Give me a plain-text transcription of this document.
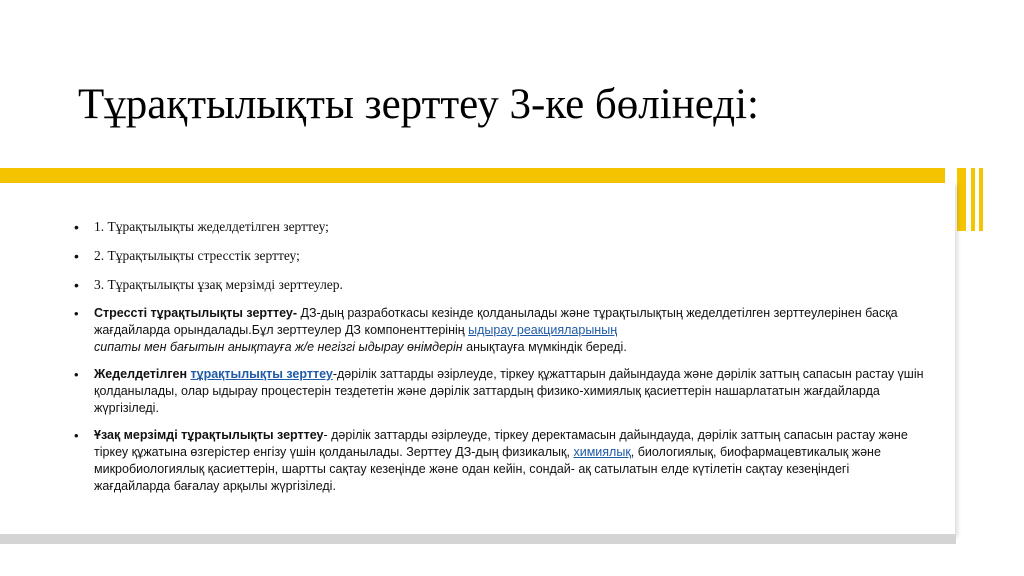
Тұрақтылықты зерттеу 3-ке бөлінеді:
• 1. Тұрақтылықты жеделдетілген зерттеу;
• 2. Тұрақтылықты стресстік зерттеу;
• 3. Тұрақтылықты ұзақ мерзімді зерттеулер.
• Стрессті тұрақтылықты зерттеу- ДЗ-дың разработкасы кезінде қолданылады және тұрақтылықтың жеделдетілген зерттеулерінен басқа жағдайларда орындалады.Бұл зерттеулер ДЗ компоненттерінің ыдырау реакцияларының
сипаты мен бағытын анықтауға ж/е негізгі ыдырау өнімдерін анықтауға мүмкіндік береді.
• Жеделдетілген тұрақтылықты зерттеу-дәрілік заттарды әзірлеуде, тіркеу құжаттарын дайындауда және дәрілік заттың сапасын растау үшін қолданылады, олар ыдырау процестерін тездететін және дәрілік заттардың физико-химиялық қасиеттерін нашарлататын жағдайларда жүргізіледі.
• Ұзақ мерзімді тұрақтылықты зерттеу- дәрілік заттарды әзірлеуде, тіркеу деректамасын дайындауда, дәрілік заттың сапасын растау және тіркеу құжатына өзгерістер енгізу үшін қолданылады. Зерттеу ДЗ-дың физикалық, химиялық, биологиялық, биофармацевтикалық және микробиологиялық қасиеттерін, шартты сақтау кезеңінде және одан кейін, сондай- ақ сатылатын елде күтілетін сақтау кезеңіндегі жағдайларда бағалау арқылы жүргізіледі.
